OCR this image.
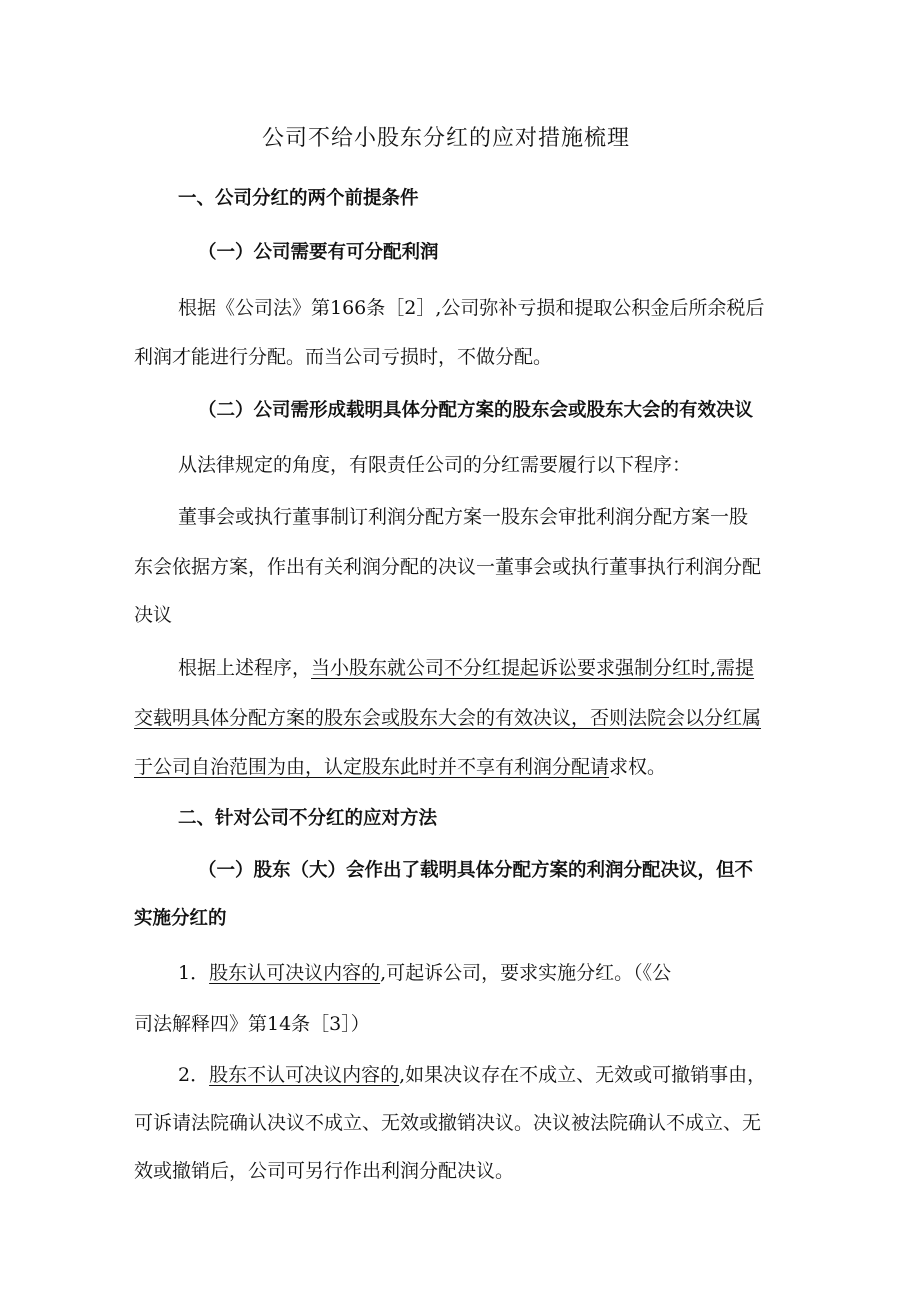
公司不给小股东分红的应对措施梳理
一、公司分红的两个前提条件
（一）公司需要有可分配利润
根据《公司法》第166条［2］,公司弥补亏损和提取公积金后所余税后
利润才能进行分配。而当公司亏损时，不做分配。
（二）公司需形成载明具体分配方案的股东会或股东大会的有效决议
从法律规定的角度，有限责任公司的分红需要履行以下程序：
董事会或执行董事制订利润分配方案一股东会审批利润分配方案一股
东会依据方案，作出有关利润分配的决议一董事会或执行董事执行利润分配
决议
根据上述程序，当小股东就公司不分红提起诉讼要求强制分红时,需提
交载明具体分配方案的股东会或股东大会的有效决议，否则法院会以分红属
于公司自治范围为由，认定股东此时并不享有利润分配请求权。
二、针对公司不分红的应对方法
（一）股东（大）会作出了载明具体分配方案的利润分配决议，但不
实施分红的
1．股东认可决议内容的,可起诉公司，要求实施分红。（《公
司法解释四》第14条［3］）
2．股东不认可决议内容的,如果决议存在不成立、无效或可撤销事由，
可诉请法院确认决议不成立、无效或撤销决议。决议被法院确认不成立、无
效或撤销后，公司可另行作出利润分配决议。
